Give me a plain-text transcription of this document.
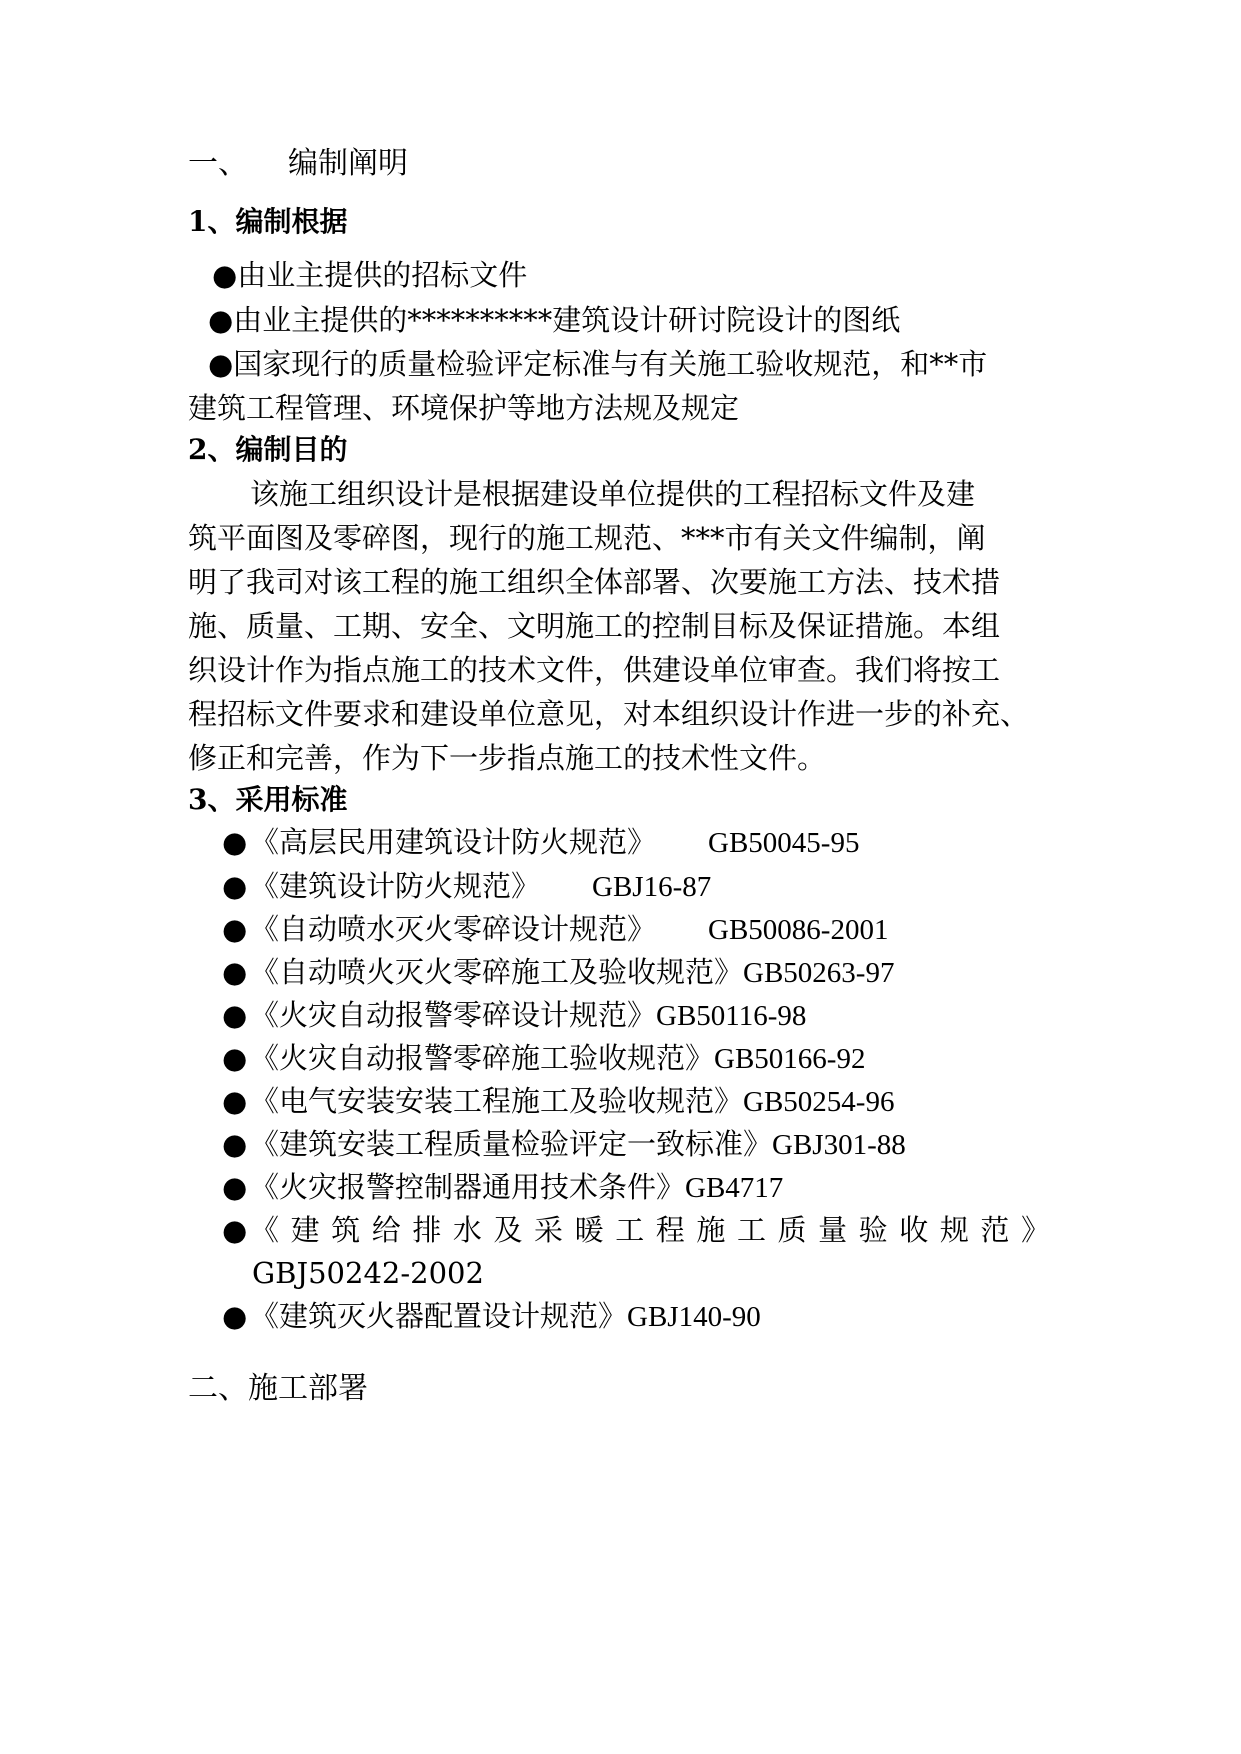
一、 编制阐明
1、编制根据
●由业主提供的招标文件
●由业主提供的**********建筑设计研讨院设计的图纸
●国家现行的质量检验评定标准与有关施工验收规范，和**市
建筑工程管理、环境保护等地方法规及规定
2、编制目的
该施工组织设计是根据建设单位提供的工程招标文件及建
筑平面图及零碎图，现行的施工规范、***市有关文件编制，阐
明了我司对该工程的施工组织全体部署、次要施工方法、技术措
施、质量、工期、安全、文明施工的控制目标及保证措施。本组
织设计作为指点施工的技术文件，供建设单位审查。我们将按工
程招标文件要求和建设单位意见，对本组织设计作进一步的补充、
修正和完善，作为下一步指点施工的技术性文件。
3、采用标准
●《高层民用建筑设计防火规范》 GB50045-95
●《建筑设计防火规范》 GBJ16-87
●《自动喷水灭火零碎设计规范》 GB50086-2001
●《自动喷火灭火零碎施工及验收规范》GB50263-97
●《火灾自动报警零碎设计规范》GB50116-98
●《火灾自动报警零碎施工验收规范》GB50166-92
●《电气安装安装工程施工及验收规范》GB50254-96
●《建筑安装工程质量检验评定一致标准》GBJ301-88
●《火灾报警控制器通用技术条件》GB4717
● 《 建 筑 给 排 水 及 采 暖 工 程 施 工 质 量 验 收 规 范 》
GBJ50242-2002
●《建筑灭火器配置设计规范》GBJ140-90
二、施工部署
